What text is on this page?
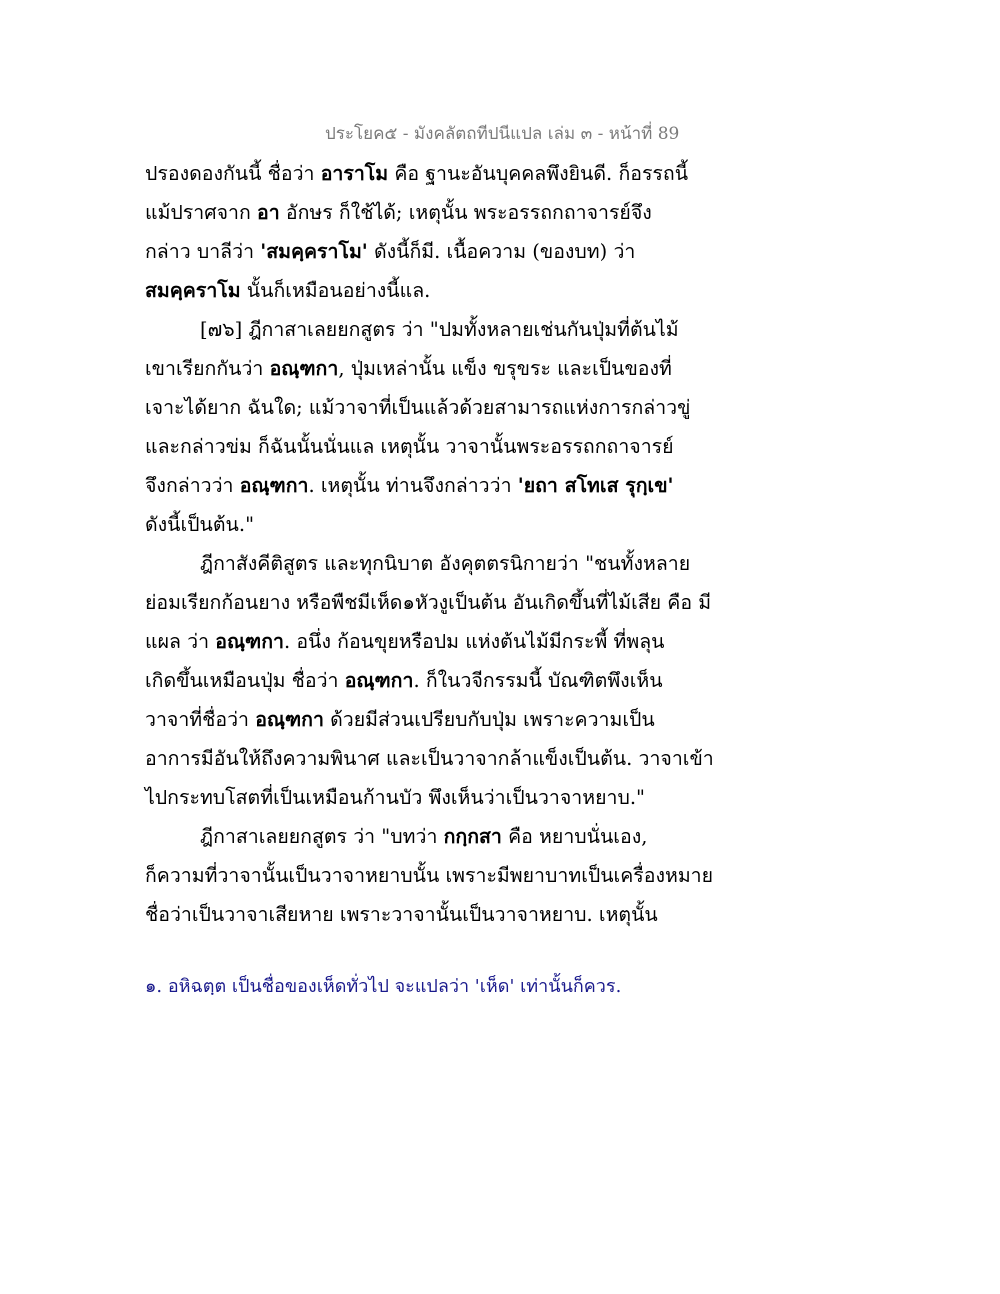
ประโยค๕ - มังคลัตถทีปนีแปล เล่ม ๓ - หน้าที่ 89
ปรองดองกันนี้ ชื่อว่า อาราโม คือ ฐานะอันบุคคลพึงยินดี. ก็อรรถนี้
แม้ปราศจาก อา อักษร ก็ใช้ได้; เหตุนั้น พระอรรถกถาจารย์จึง
กล่าว บาลีว่า 'สมคฺคราโม' ดังนี้ก็มี. เนื้อความ (ของบท) ว่า
สมคฺคราโม นั้นก็เหมือนอย่างนี้แล.
[๗๖] ฎีกาสาเลยยกสูตร ว่า "ปมทั้งหลายเช่นกันปุ่มที่ต้นไม้
เขาเรียกกันว่า อณฺฑกา, ปุ่มเหล่านั้น แข็ง ขรุขระ และเป็นของที่
เจาะได้ยาก ฉันใด; แม้วาจาที่เป็นแล้วด้วยสามารถแห่งการกล่าวขู่
และกล่าวข่ม ก็ฉันนั้นนั่นแล เหตุนั้น วาจานั้นพระอรรถกถาจารย์
จึงกล่าวว่า อณฺฑกา. เหตุนั้น ท่านจึงกล่าวว่า 'ยถา สโทเส รุกฺเข'
ดังนี้เป็นต้น."
ฎีกาสังคีติสูตร และทุกนิบาต อังคุตตรนิกายว่า "ชนทั้งหลาย
ย่อมเรียกก้อนยาง หรือพืชมีเห็ด๑หัวงูเป็นต้น อันเกิดขึ้นที่ไม้เสีย คือ มี
แผล ว่า อณฺฑกา. อนึ่ง ก้อนขุยหรือปม แห่งต้นไม้มีกระพี้ ที่พลุน
เกิดขึ้นเหมือนปุ่ม ชื่อว่า อณฺฑกา. ก็ในวจีกรรมนี้ บัณฑิตพึงเห็น
วาจาที่ชื่อว่า อณฺฑกา ด้วยมีส่วนเปรียบกับปุ่ม เพราะความเป็น
อาการมีอันให้ถึงความพินาศ และเป็นวาจากล้าแข็งเป็นต้น. วาจาเข้า
ไปกระทบโสตที่เป็นเหมือนก้านบัว พึงเห็นว่าเป็นวาจาหยาบ."
ฎีกาสาเลยยกสูตร ว่า "บทว่า กกฺกสา คือ หยาบนั่นเอง,
ก็ความที่วาจานั้นเป็นวาจาหยาบนั้น เพราะมีพยาบาทเป็นเครื่องหมาย
ชื่อว่าเป็นวาจาเสียหาย เพราะวาจานั้นเป็นวาจาหยาบ. เหตุนั้น
๑. อหิฉตฺต เป็นชื่อของเห็ดทั่วไป จะแปลว่า 'เห็ด' เท่านั้นก็ควร.
